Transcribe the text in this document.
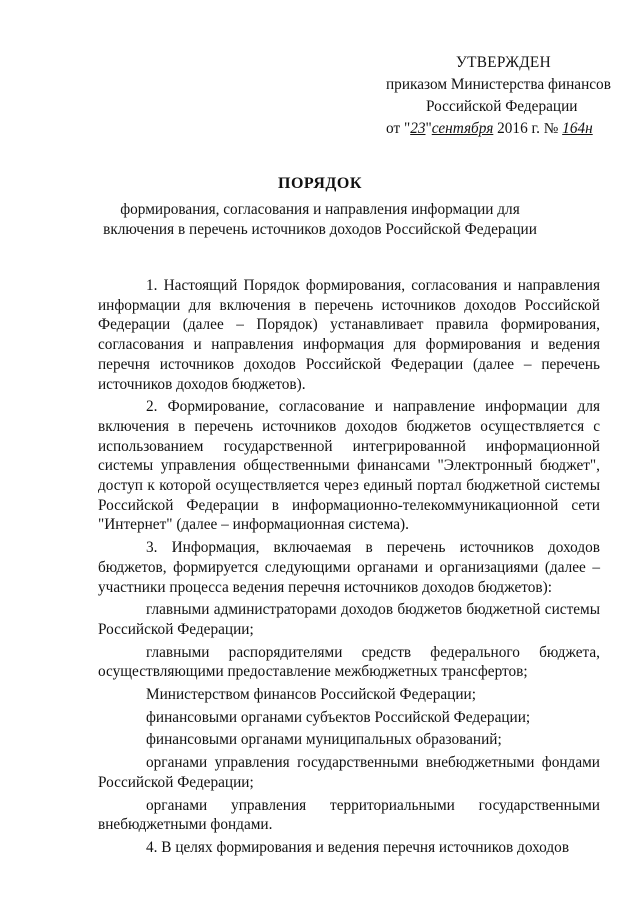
УТВЕРЖДЕН
приказом Министерства финансов
Российской Федерации
от "23"сентября 2016 г. № 164н
ПОРЯДОК
формирования, согласования и направления информации для включения в перечень источников доходов Российской Федерации

1. Настоящий Порядок формирования, согласования и направления информации для включения в перечень источников доходов Российской Федерации (далее – Порядок) устанавливает правила формирования, согласования и направления информация для формирования и ведения перечня источников доходов Российской Федерации (далее – перечень источников доходов бюджетов).

2. Формирование, согласование и направление информации для включения в перечень источников доходов бюджетов осуществляется с использованием государственной интегрированной информационной системы управления общественными финансами "Электронный бюджет", доступ к которой осуществляется через единый портал бюджетной системы Российской Федерации в информационно-телекоммуникационной сети "Интернет" (далее – информационная система).

3. Информация, включаемая в перечень источников доходов бюджетов, формируется следующими органами и организациями (далее – участники процесса ведения перечня источников доходов бюджетов):

главными администраторами доходов бюджетов бюджетной системы Российской Федерации;

главными распорядителями средств федерального бюджета, осуществляющими предоставление межбюджетных трансфертов;

Министерством финансов Российской Федерации;

финансовыми органами субъектов Российской Федерации;

финансовыми органами муниципальных образований;

органами управления государственными внебюджетными фондами Российской Федерации;

органами управления территориальными государственными внебюджетными фондами.

4. В целях формирования и ведения перечня источников доходов
